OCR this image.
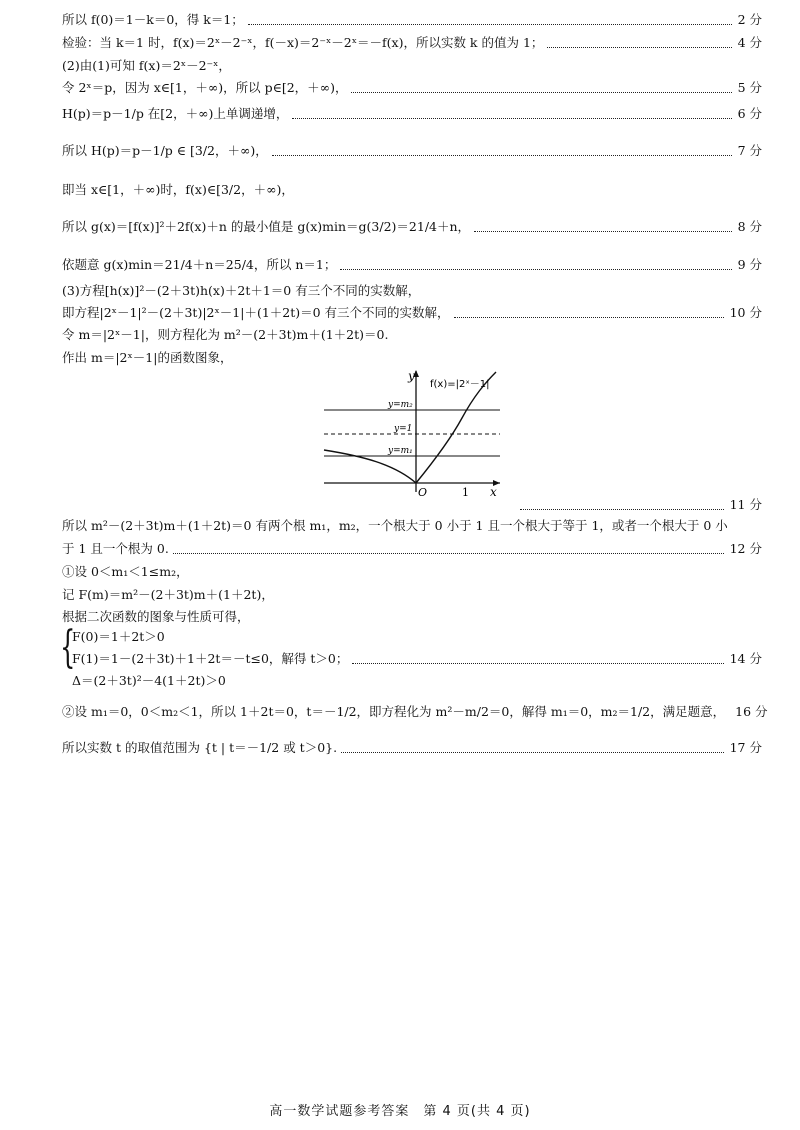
所以 f(0)＝1－k＝0，得 k＝1；	2 分
检验：当 k＝1 时，f(x)＝2ˣ－2⁻ˣ，f(－x)＝2⁻ˣ－2ˣ＝－f(x)，所以实数 k 的值为 1；	4 分
(2)由(1)可知 f(x)＝2ˣ－2⁻ˣ，
令 2ˣ＝p，因为 x∈[1，＋∞)，所以 p∈[2，＋∞)，	5 分
H(p)＝p－1/p 在[2，＋∞)上单调递增，	6 分
所以 H(p)＝p－1/p ∈ [3/2，＋∞)，	7 分
即当 x∈[1，＋∞)时，f(x)∈[3/2，＋∞)，
所以 g(x)＝[f(x)]²＋2f(x)＋n 的最小值是 g(x)min＝g(3/2)＝21/4＋n，	8 分
依题意 g(x)min＝21/4＋n＝25/4，所以 n＝1；	9 分
(3)方程[h(x)]²－(2＋3t)h(x)＋2t＋1＝0 有三个不同的实数解，
即方程|2ˣ－1|²－(2＋3t)|2ˣ－1|＋(1＋2t)＝0 有三个不同的实数解，	10 分
令 m＝|2ˣ－1|，则方程化为 m²－(2＋3t)m＋(1＋2t)＝0.
作出 m＝|2ˣ－1|的函数图象，
y
x
O	1
f(x)=|2ˣ－1|
y=m₂
y=1
y=m₁
11 分
所以 m²－(2＋3t)m＋(1＋2t)＝0 有两个根 m₁，m₂，一个根大于 0 小于 1 且一个根大于等于 1，或者一个根大于 0 小
于 1 且一个根为 0.	12 分
①设 0＜m₁＜1≤m₂，
记 F(m)＝m²－(2＋3t)m＋(1＋2t)，
根据二次函数的图象与性质可得，
{
F(0)＝1＋2t＞0
F(1)＝1－(2＋3t)＋1＋2t＝－t≤0，解得 t＞0；	14 分
Δ＝(2＋3t)²－4(1＋2t)＞0
②设 m₁＝0，0＜m₂＜1，所以 1＋2t＝0，t＝－1/2，即方程化为 m²－m/2＝0，解得 m₁＝0，m₂＝1/2，满足题意， 16 分
所以实数 t 的取值范围为 {t | t＝－1/2 或 t＞0}.	17 分
高一数学试题参考答案　第 4 页(共 4 页)
